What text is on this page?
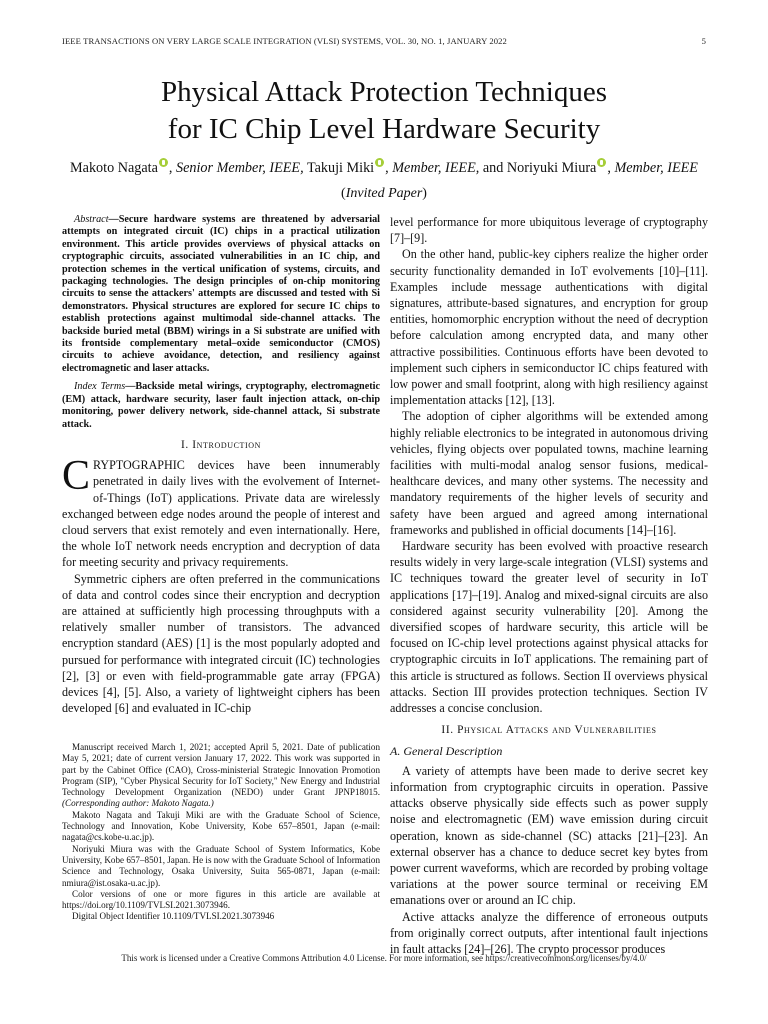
IEEE TRANSACTIONS ON VERY LARGE SCALE INTEGRATION (VLSI) SYSTEMS, VOL. 30, NO. 1, JANUARY 2022	5
Physical Attack Protection Techniques
for IC Chip Level Hardware Security
Makoto Nagata , Senior Member, IEEE, Takuji Miki , Member, IEEE, and Noriyuki Miura , Member, IEEE
(Invited Paper)

Abstract — Secure hardware systems are threatened by adversarial attempts on integrated circuit (IC) chips in a practical utilization environment. This article provides overviews of physical attacks on cryptographic circuits, associated vulnerabilities in an IC chip, and protection schemes in the vertical unification of systems, circuits, and packaging technologies. The design principles of on-chip monitoring circuits to sense the attackers' attempts are discussed and tested with Si demonstrators. Physical structures are explored for secure IC chips to establish protections against multimodal side-channel attacks. The backside buried metal (BBM) wirings in a Si substrate are unified with its frontside complementary metal–oxide semiconductor (CMOS) circuits to achieve avoidance, detection, and resiliency against electromagnetic and laser attacks.

Index Terms — Backside metal wirings, cryptography, electromagnetic (EM) attack, hardware security, laser fault injection attack, on-chip monitoring, power delivery network, side-channel attack, Si substrate attack.

I. Introduction

CRYPTOGRAPHIC devices have been innumerably penetrated in daily lives with the evolvement of Internet-of-Things (IoT) applications. Private data are wirelessly exchanged between edge nodes around the people of interest and cloud servers that exist remotely and even internationally. Here, the whole IoT network needs encryption and decryption of data for meeting security and privacy requirements.

Symmetric ciphers are often preferred in the communications of data and control codes since their encryption and decryption are attained at sufficiently high processing throughputs with a relatively smaller number of transistors. The advanced encryption standard (AES) [1] is the most popularly adopted and pursued for performance with integrated circuit (IC) technologies [2], [3] or even with field-programmable gate array (FPGA) devices [4], [5]. Also, a variety of lightweight ciphers has been developed [6] and evaluated in IC-chip

Manuscript received March 1, 2021; accepted April 5, 2021. Date of publication May 5, 2021; date of current version January 17, 2022. This work was supported in part by the Cabinet Office (CAO), Cross-ministerial Strategic Innovation Promotion Program (SIP), "Cyber Physical Security for IoT Society," New Energy and Industrial Technology Development Organization (NEDO) under Grant JPNP18015. (Corresponding author: Makoto Nagata.)

Makoto Nagata and Takuji Miki are with the Graduate School of Science, Technology and Innovation, Kobe University, Kobe 657–8501, Japan (e-mail: nagata@cs.kobe-u.ac.jp).

Noriyuki Miura was with the Graduate School of System Informatics, Kobe University, Kobe 657–8501, Japan. He is now with the Graduate School of Information Science and Technology, Osaka University, Suita 565-0871, Japan (e-mail: nmiura@ist.osaka-u.ac.jp).

Color versions of one or more figures in this article are available at https://doi.org/10.1109/TVLSI.2021.3073946.

Digital Object Identifier 10.1109/TVLSI.2021.3073946

level performance for more ubiquitous leverage of cryptography [7]–[9].

On the other hand, public-key ciphers realize the higher order security functionality demanded in IoT evolvements [10]–[11]. Examples include message authentications with digital signatures, attribute-based signatures, and encryption for group entities, homomorphic encryption without the need of decryption before calculation among encrypted data, and many other attractive possibilities. Continuous efforts have been devoted to implement such ciphers in semiconductor IC chips featured with low power and small footprint, along with high resiliency against implementation attacks [12], [13].

The adoption of cipher algorithms will be extended among highly reliable electronics to be integrated in autonomous driving vehicles, flying objects over populated towns, machine learning facilities with multi-modal analog sensor fusions, medical-healthcare devices, and many other systems. The necessity and mandatory requirements of the higher levels of security and safety have been argued and agreed among international frameworks and published in official documents [14]–[16].

Hardware security has been evolved with proactive research results widely in very large-scale integration (VLSI) systems and IC techniques toward the greater level of security in IoT applications [17]–[19]. Analog and mixed-signal circuits are also considered against security vulnerability [20]. Among the diversified scopes of hardware security, this article will be focused on IC-chip level protections against physical attacks for cryptographic circuits in IoT applications. The remaining part of this article is structured as follows. Section II overviews physical attacks. Section III provides protection techniques. Section IV addresses a concise conclusion.

II. Physical Attacks and Vulnerabilities
A. General Description

A variety of attempts have been made to derive secret key information from cryptographic circuits in operation. Passive attacks observe physically side effects such as power supply noise and electromagnetic (EM) wave emission during circuit operation, known as side-channel (SC) attacks [21]–[23]. An external observer has a chance to deduce secret key bytes from power current waveforms, which are recorded by probing voltage variations at the power source terminal or receiving EM emanations over or around an IC chip.

Active attacks analyze the difference of erroneous outputs from originally correct outputs, after intentional fault injections in fault attacks [24]–[26]. The crypto processor produces

This work is licensed under a Creative Commons Attribution 4.0 License. For more information, see https://creativecommons.org/licenses/by/4.0/
